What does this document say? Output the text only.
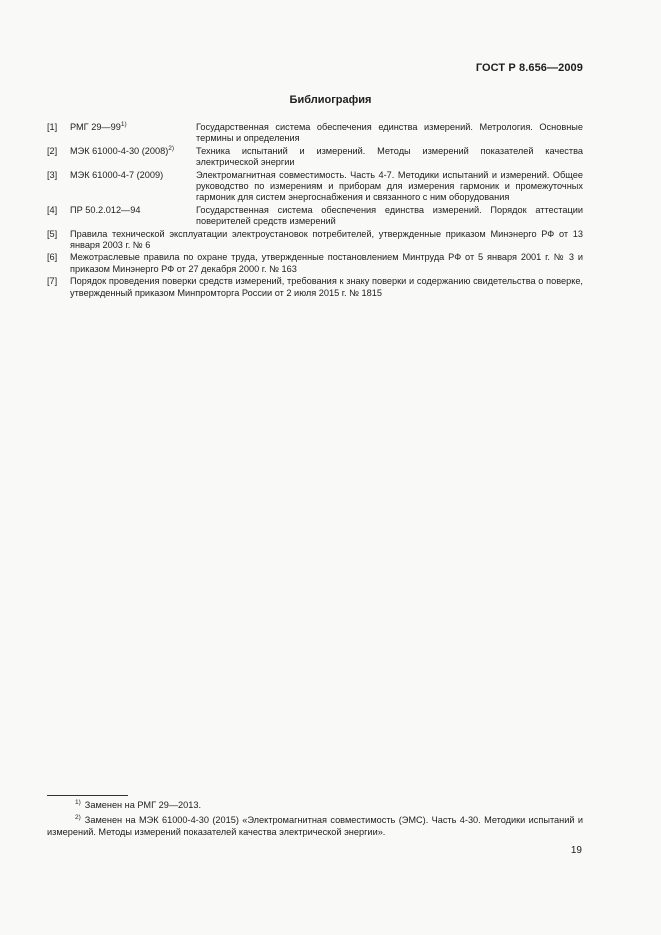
ГОСТ Р 8.656—2009
Библиография
[1]	РМГ 29—99$^{1)}$	Государственная система обеспечения единства измерений. Метрология. Основные термины и определения
[2]	МЭК 61000-4-30 $(2008)^{2)}$	Техника испытаний и измерений. Методы измерений показателей качества электрической энергии
[3]	МЭК 61000-4-7 (2009)	Электромагнитная совместимость. Часть 4-7. Методики испытаний и измерений. Общее руководство по измерениям и приборам для измерения гармоник и промежуточных гармоник для систем энергоснабжения и связанного с ним оборудования
[4]	ПР 50.2.012—94	Государственная система обеспечения единства измерений. Порядок аттестации поверителей средств измерений
[5]	Правила технической эксплуатации электроустановок потребителей, утвержденные приказом Минэнерго РФ от 13 января 2003 г. № 6
[6]	Межотраслевые правила по охране труда, утвержденные постановлением Минтруда РФ от 5 января 2001 г. № 3 и приказом Минэнерго РФ от 27 декабря 2000 г. № 163
[7]	Порядок проведения поверки средств измерений, требования к знаку поверки и содержанию свидетельства о поверке, утвержденный приказом Минпромторга России от 2 июля 2015 г. № 1815
$^{1)}$ Заменен на РМГ 29—2013.
$^{2)}$ Заменен на МЭК 61000-4-30 (2015) «Электромагнитная совместимость (ЭМС). Часть 4-30. Методики испытаний и измерений. Методы измерений показателей качества электрической энергии».
19
